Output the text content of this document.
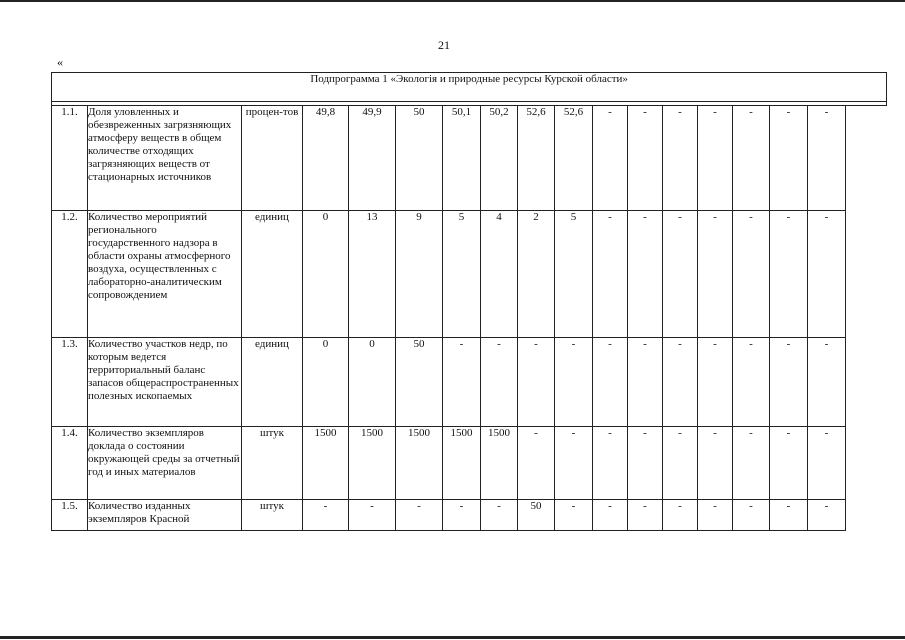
21
«
Подпрограмма 1 «Экологія и природные ресурсы Курской области»																

1.1.	Доля уловленных и обезвреженных загрязняющих атмосферу веществ в общем количестве отходящих загрязняющих веществ от стационарных источников	процен-тов	49,8	49,9	50	50,1	50,2	52,6	52,6	-	-	-	-	-	-	-
1.2.	Количество мероприятий регионального государственного надзора в области охраны атмосферного воздуха, осуществленных с лабораторно-аналитическим сопровождением	единиц	0	13	9	5	4	2	5	-	-	-	-	-	-	-
1.3.	Количество участков недр, по которым ведется территориальный баланс запасов общераспространенных полезных ископаемых	единиц	0	0	50	-	-	-	-	-	-	-	-	-	-	-
1.4.	Количество экземпляров доклада о состоянии окружающей среды за отчетный год и иных материалов	штук	1500	1500	1500	1500	1500	-	-	-	-	-	-	-	-	-
1.5.	Количество изданных экземпляров Красной	штук	-	-	-	-	-	50	-	-	-	-	-	-	-	-
